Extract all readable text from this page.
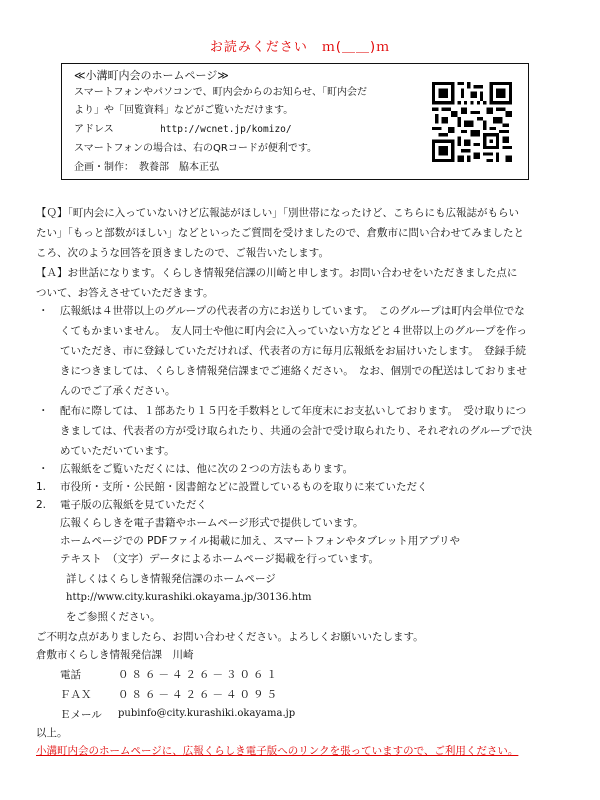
お読みください　ｍ(＿＿)ｍ
≪小溝町内会のホームページ≫
スマートフォンやパソコンで、町内会からのお知らせ、「町内会だ
より」や「回覧資料」などがご覧いただけます。
アドレス	http://wcnet.jp/komizo/
スマートフォンの場合は、右のQRコードが便利です。
企画・制作：　教養部　脇本正弘
【Ｑ】「町内会に入っていないけど広報誌がほしい」「別世帯になったけど、こちらにも広報誌がもらい
たい」「もっと部数がほしい」などといったご質問を受けましたので、倉敷市に問い合わせてみましたと
ころ、次のような回答を頂きましたので、ご報告いたします。
【Ａ】お世話になります。くらしき情報発信課の川崎と申します。お問い合わせをいただきました点に
ついて、お答えさせていただきます。
・ 広報紙は４世帯以上のグループの代表者の方にお送りしています。　このグループは町内会単位でな
くてもかまいません。　友人同士や他に町内会に入っていない方などと４世帯以上のグループを作っ
ていただき、市に登録していただければ、代表者の方に毎月広報紙をお届けいたします。　登録手続
きにつきましては、くらしき情報発信課までご連絡ください。　なお、個別での配送はしておりませ
んのでご了承ください。
・ 配布に際しては、１部あたり１５円を手数料として年度末にお支払いしております。　受け取りにつ
きましては、代表者の方が受け取られたり、共通の会計で受け取られたり、それぞれのグループで決
めていただいています。
・ 広報紙をご覧いただくには、他に次の２つの方法もあります。
1. 市役所・支所・公民館・図書館などに設置しているものを取りに来ていただく
2. 電子版の広報紙を見ていただく
広報くらしきを電子書籍やホームページ形式で提供しています。
ホームページでの PDFファイル掲載に加え、スマートフォンやタブレット用アプリや
テキスト　（文字）データによるホームページ掲載を行っています。
詳しくはくらしき情報発信課のホームページ
http://www.city.kurashiki.okayama.jp/30136.htm
をご参照ください。
ご不明な点がありましたら、お問い合わせください。よろしくお願いいたします。
倉敷市くらしき情報発信課　川崎
電話	０８６－４２６－３０６１
ＦＡＸ	０８６－４２６－４０９５
Ｅメール pubinfo@city.kurashiki.okayama.jp
以上。
小溝町内会のホームページに、広報くらしき電子版へのリンクを張っていますので、ご利用ください。
